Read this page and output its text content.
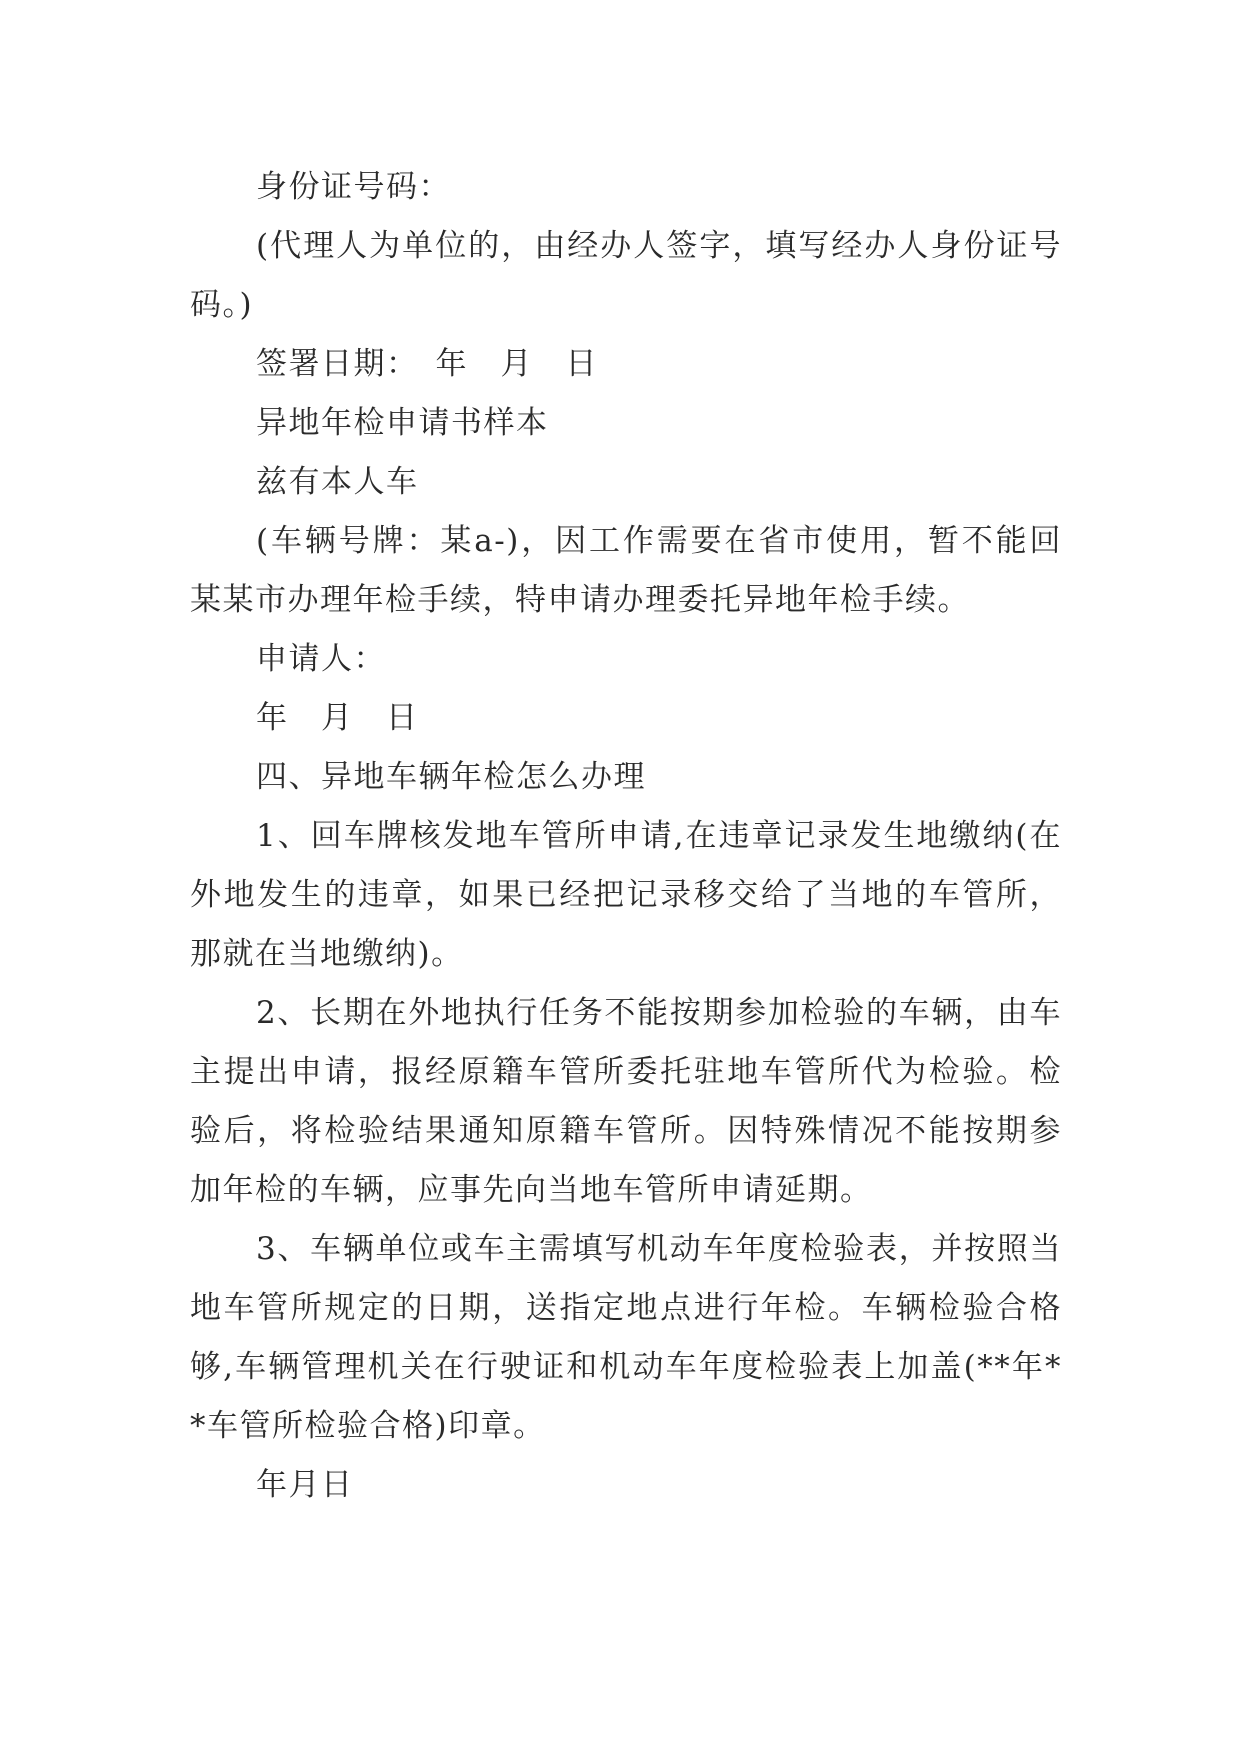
身份证号码：

(代理人为单位的，由经办人签字，填写经办人身份证号码。)

签署日期：　年　月　日

异地年检申请书样本

兹有本人车

(车辆号牌：某a-)，因工作需要在省市使用，暂不能回某某市办理年检手续，特申请办理委托异地年检手续。

申请人：

年　月　日

四、异地车辆年检怎么办理

1、回车牌核发地车管所申请,在违章记录发生地缴纳(在外地发生的违章，如果已经把记录移交给了当地的车管所，那就在当地缴纳)。

2、长期在外地执行任务不能按期参加检验的车辆，由车主提出申请，报经原籍车管所委托驻地车管所代为检验。检验后，将检验结果通知原籍车管所。因特殊情况不能按期参加年检的车辆，应事先向当地车管所申请延期。

3、车辆单位或车主需填写机动车年度检验表，并按照当地车管所规定的日期，送指定地点进行年检。车辆检验合格够,车辆管理机关在行驶证和机动车年度检验表上加盖(**年**车管所检验合格)印章。

年月日
